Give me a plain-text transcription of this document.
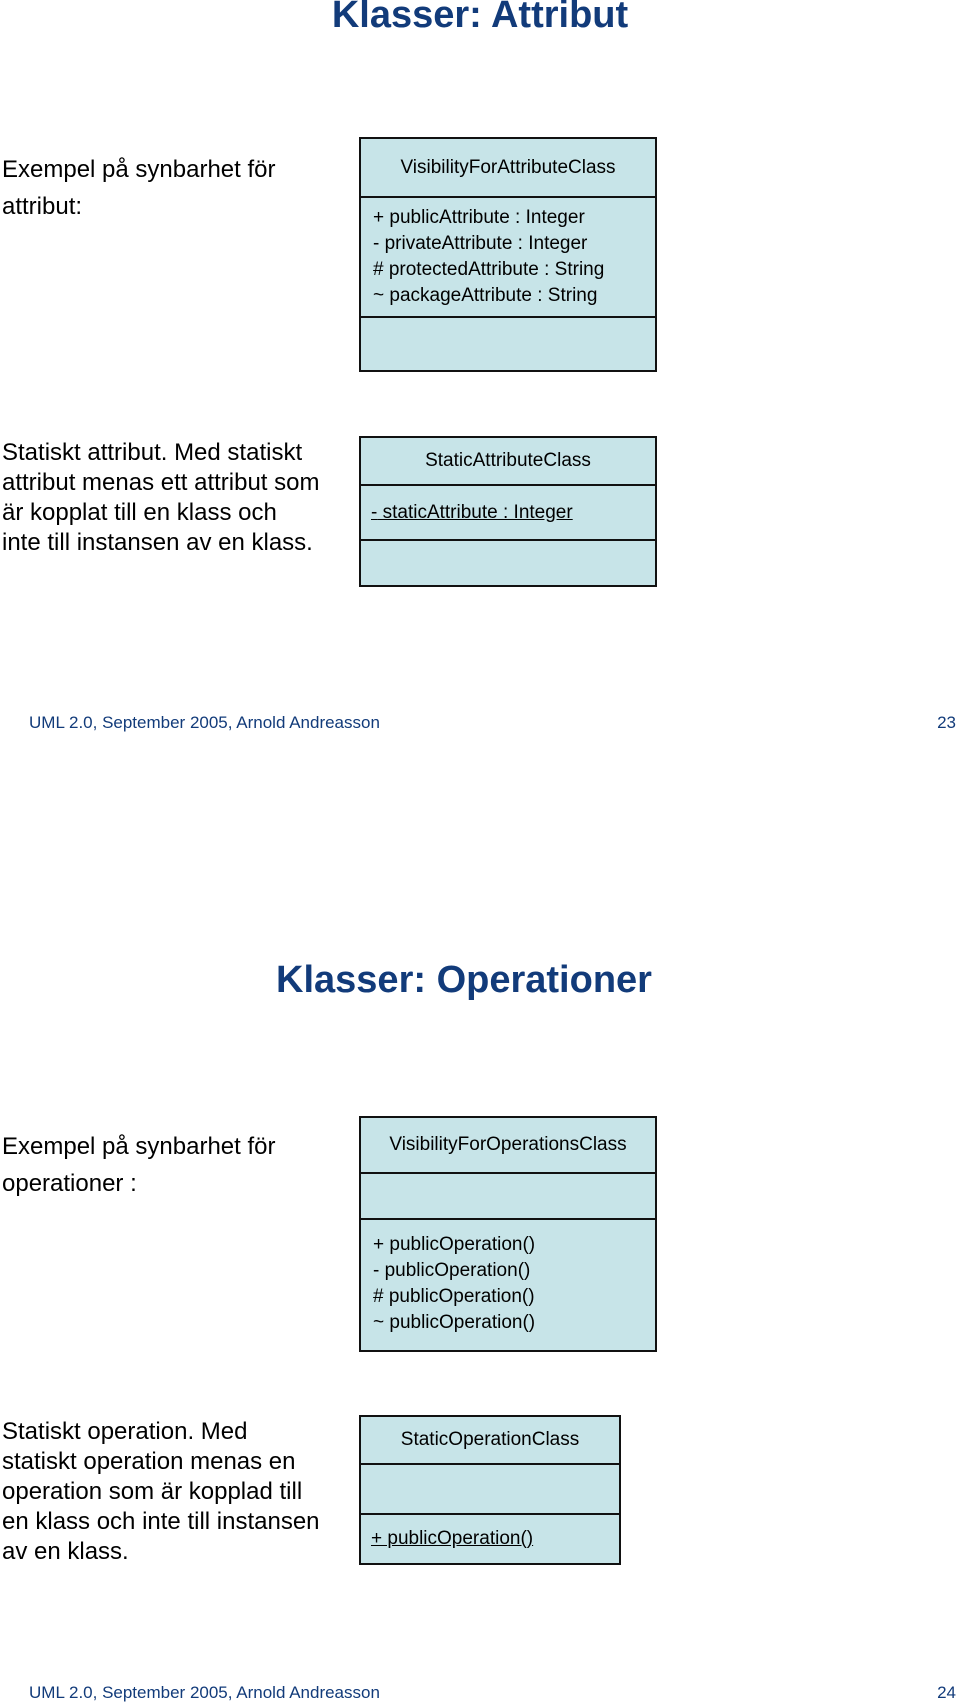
Klasser: Attribut
Exempel på synbarhet för attribut:
VisibilityForAttributeClass
+ publicAttribute : Integer
- privateAttribute : Integer
# protectedAttribute : String
~ packageAttribute : String
Statiskt attribut. Med statiskt attribut menas ett attribut som är kopplat till en klass och inte till instansen av en klass.
StaticAttributeClass
- staticAttribute : Integer
UML 2.0, September 2005, Arnold Andreasson	23
Klasser: Operationer
Exempel på synbarhet för
operationer :
VisibilityForOperationsClass
+ publicOperation()
- publicOperation()
# publicOperation()
~ publicOperation()
Statiskt operation. Med statiskt operation menas en operation som är kopplad till en klass och inte till instansen av en klass.
StaticOperationClass
+ publicOperation()
UML 2.0, September 2005, Arnold Andreasson	24
